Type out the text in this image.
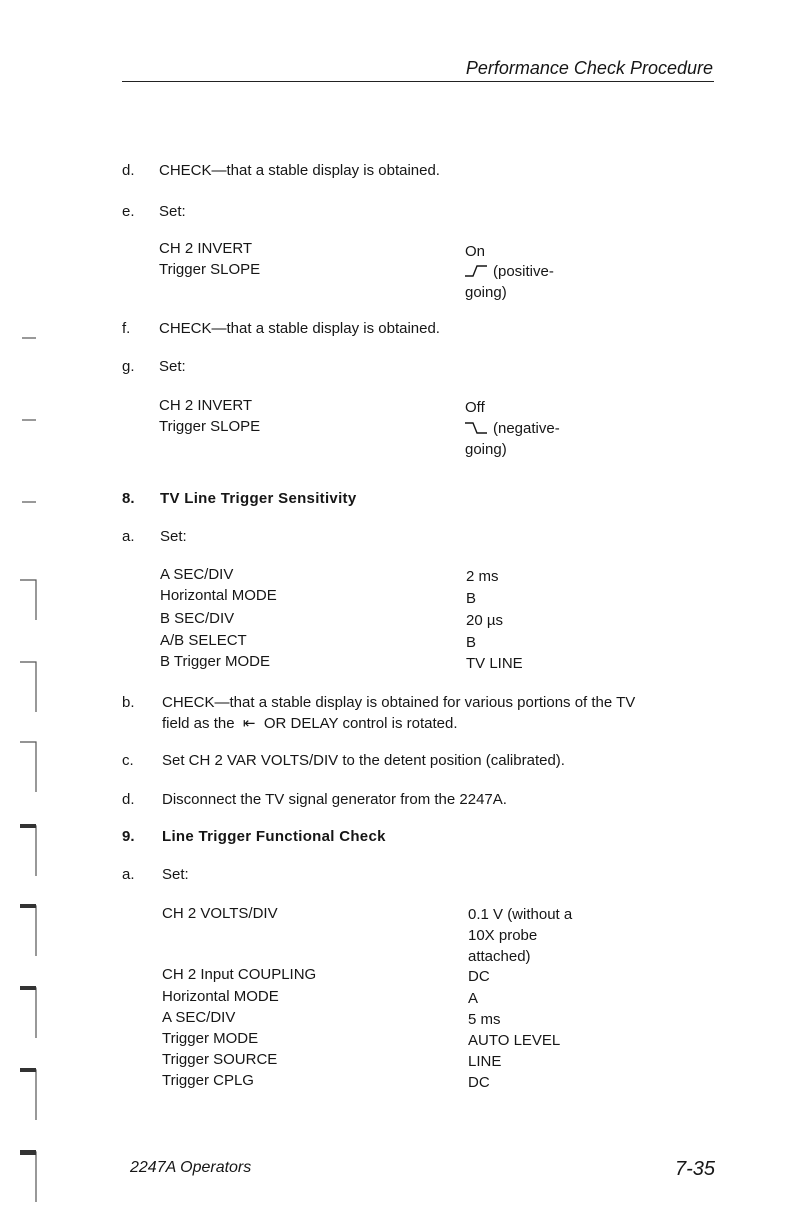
Performance Check Procedure
d. CHECK—that a stable display is obtained.
e. Set:
CH 2 INVERT	On
Trigger SLOPE	(positive-
going)
f. CHECK—that a stable display is obtained.
g. Set:
CH 2 INVERT	Off
Trigger SLOPE	(negative-
going)
8. TV Line Trigger Sensitivity
a. Set:
A SEC/DIV	2 ms
Horizontal MODE	B
B SEC/DIV	20 µs
A/B SELECT	B
B Trigger MODE	TV LINE
b. CHECK—that a stable display is obtained for various portions of the TV
field as the ⇤ OR DELAY control is rotated.
c. Set CH 2 VAR VOLTS/DIV to the detent position (calibrated).
d. Disconnect the TV signal generator from the 2247A.
9. Line Trigger Functional Check
a. Set:
CH 2 VOLTS/DIV	0.1 V (without a
10X probe
attached)
CH 2 Input COUPLING	DC
Horizontal MODE	A
A SEC/DIV	5 ms
Trigger MODE	AUTO LEVEL
Trigger SOURCE	LINE
Trigger CPLG	DC
2247A Operators	7-35
